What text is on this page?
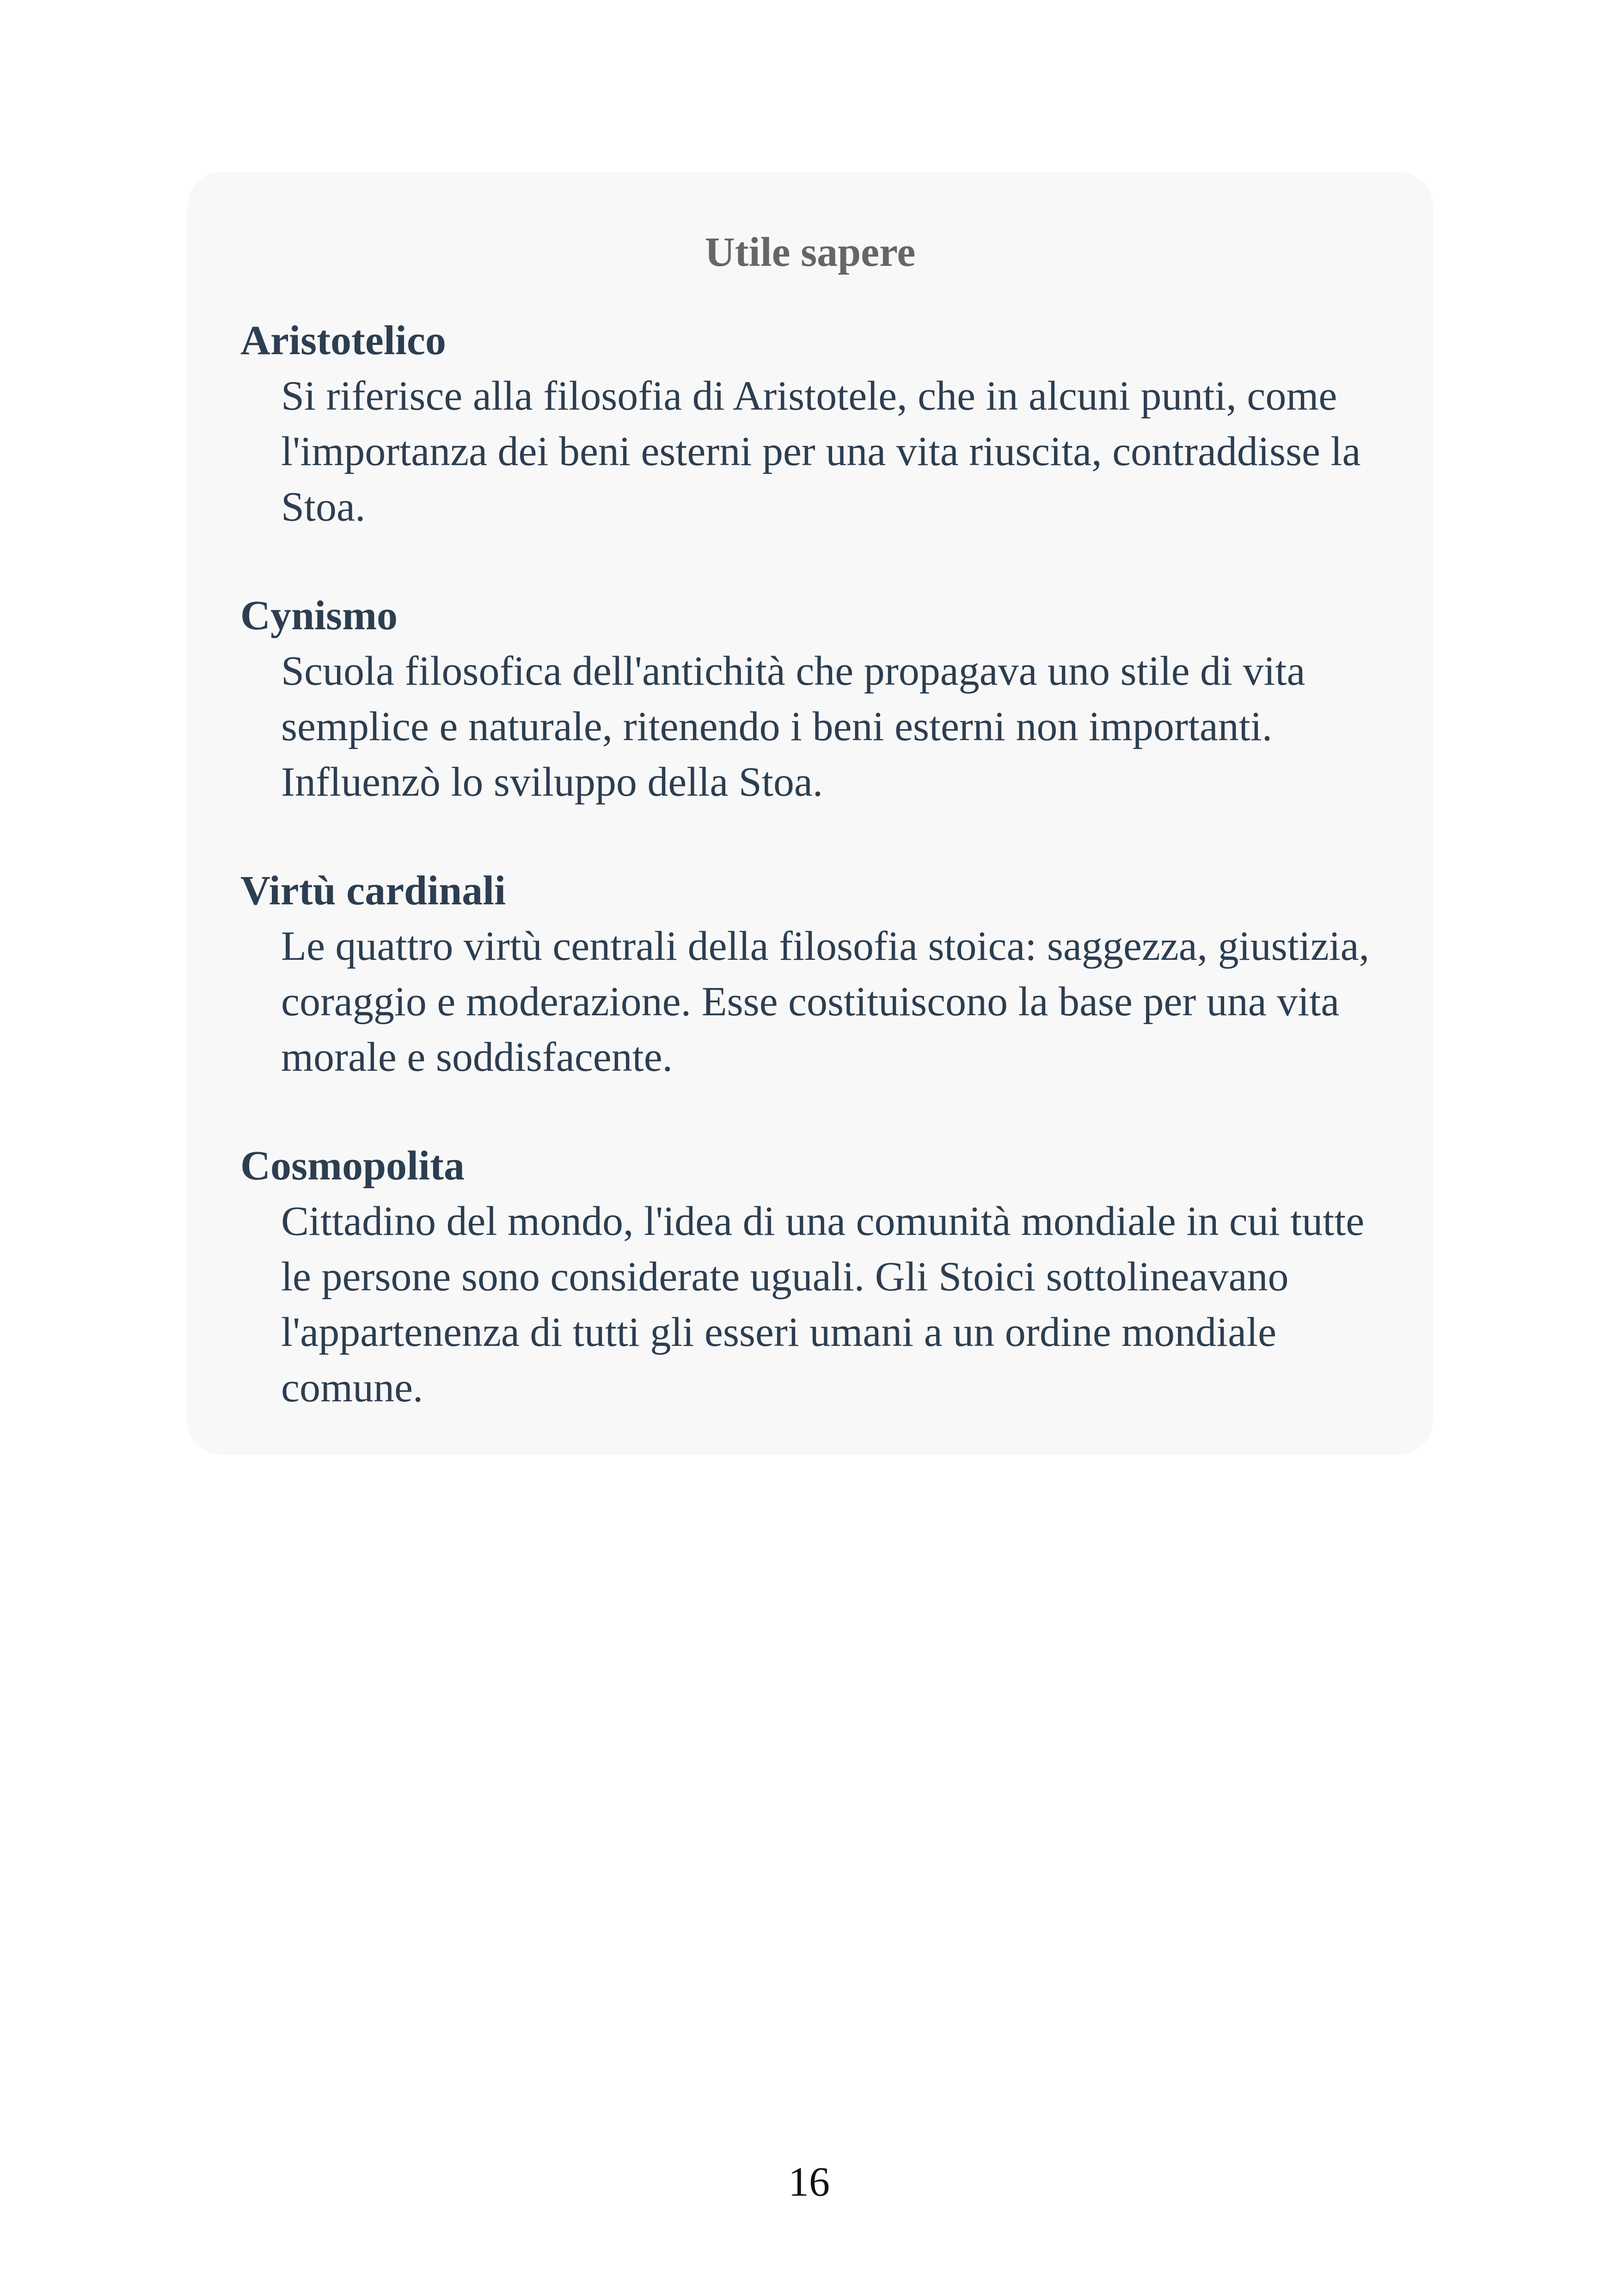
Utile sapere

Aristotelico

Si riferisce alla filosofia di Aristotele, che in alcuni punti, come l'importanza dei beni esterni per una vita riuscita, contraddisse la Stoa.

Cynismo

Scuola filosofica dell'antichità che propagava uno stile di vita semplice e naturale, ritenendo i beni esterni non importanti. Influenzò lo sviluppo della Stoa.

Virtù cardinali

Le quattro virtù centrali della filosofia stoica: saggezza, giustizia, coraggio e moderazione. Esse costituiscono la base per una vita morale e soddisfacente.

Cosmopolita

Cittadino del mondo, l'idea di una comunità mondiale in cui tutte le persone sono considerate uguali. Gli Stoici sottolineavano l'appartenenza di tutti gli esseri umani a un ordine mondiale comune.

16
